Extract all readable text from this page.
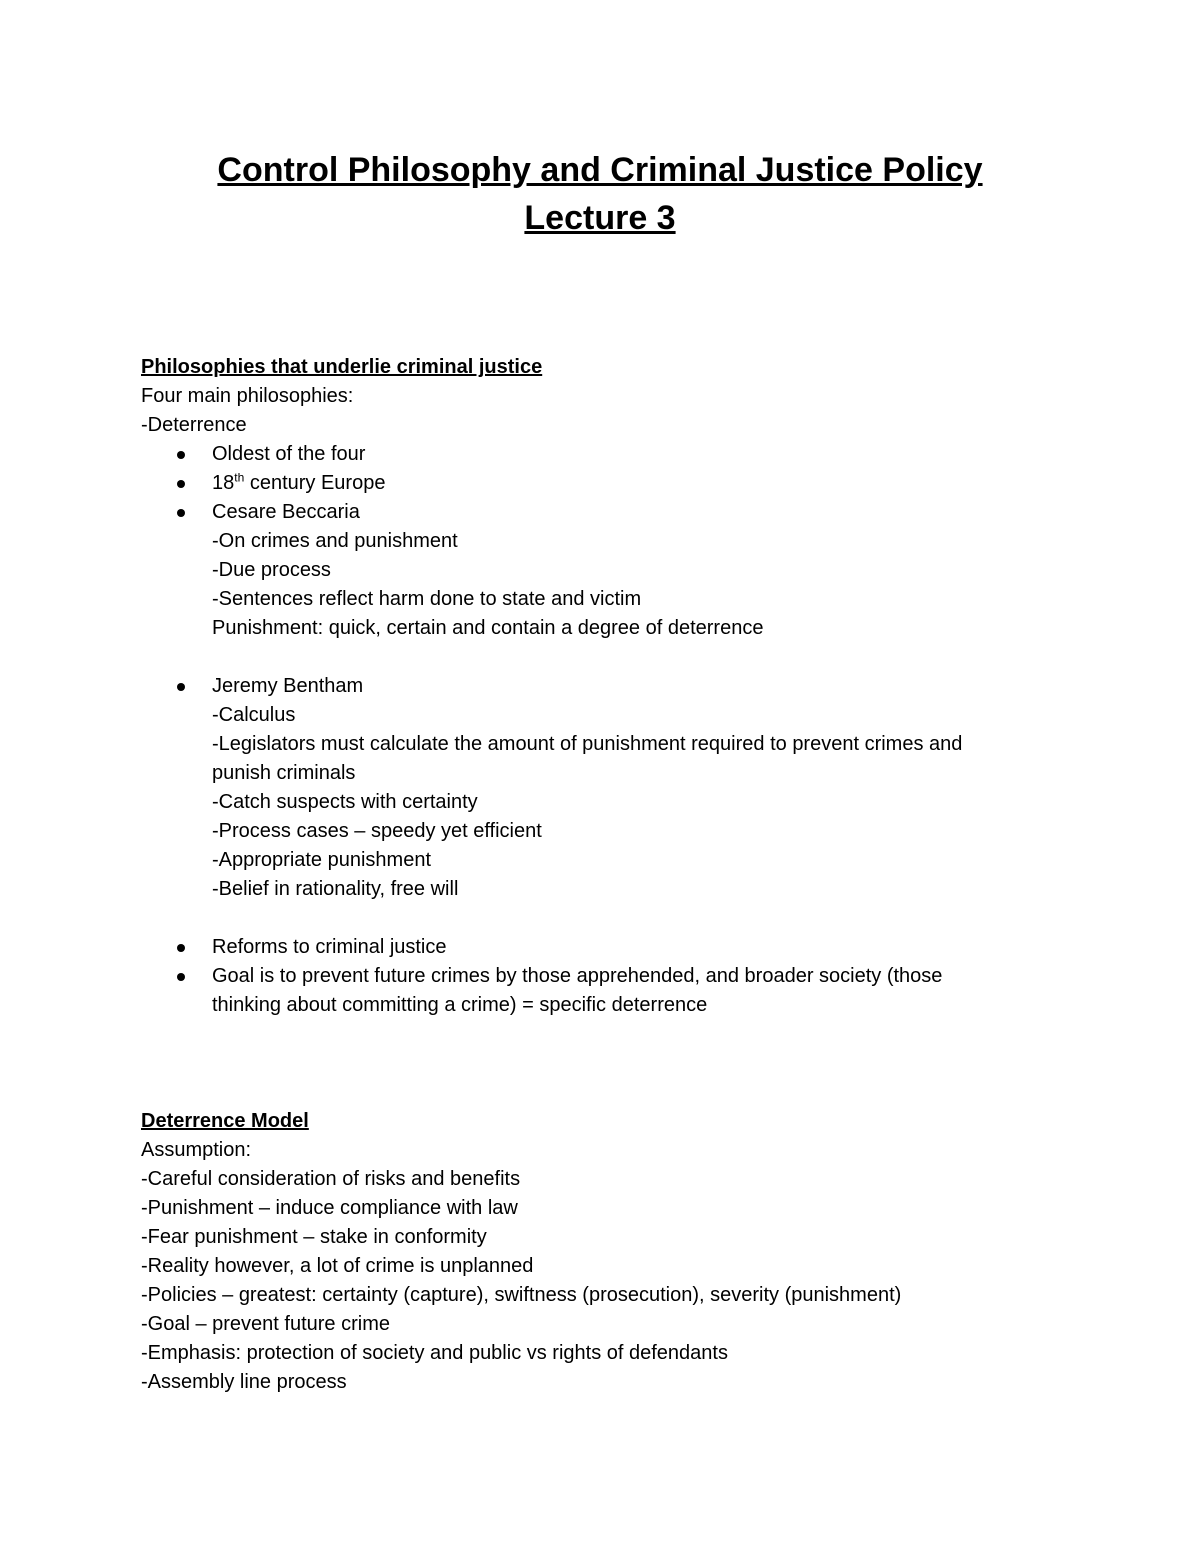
Control Philosophy and Criminal Justice Policy

Lecture 3

Philosophies that underlie criminal justice
Four main philosophies:
-Deterrence
Oldest of the four
18th century Europe
Cesare Beccaria
-On crimes and punishment
-Due process
-Sentences reflect harm done to state and victim
Punishment: quick, certain and contain a degree of deterrence
Jeremy Bentham
-Calculus
-Legislators must calculate the amount of punishment required to prevent crimes and
punish criminals
-Catch suspects with certainty
-Process cases – speedy yet efficient
-Appropriate punishment
-Belief in rationality, free will
Reforms to criminal justice
Goal is to prevent future crimes by those apprehended, and broader society (those
thinking about committing a crime) = specific deterrence
Deterrence Model
Assumption:
-Careful consideration of risks and benefits
-Punishment – induce compliance with law
-Fear punishment – stake in conformity
-Reality however, a lot of crime is unplanned
-Policies – greatest: certainty (capture), swiftness (prosecution), severity (punishment)
-Goal – prevent future crime
-Emphasis: protection of society and public vs rights of defendants
-Assembly line process
